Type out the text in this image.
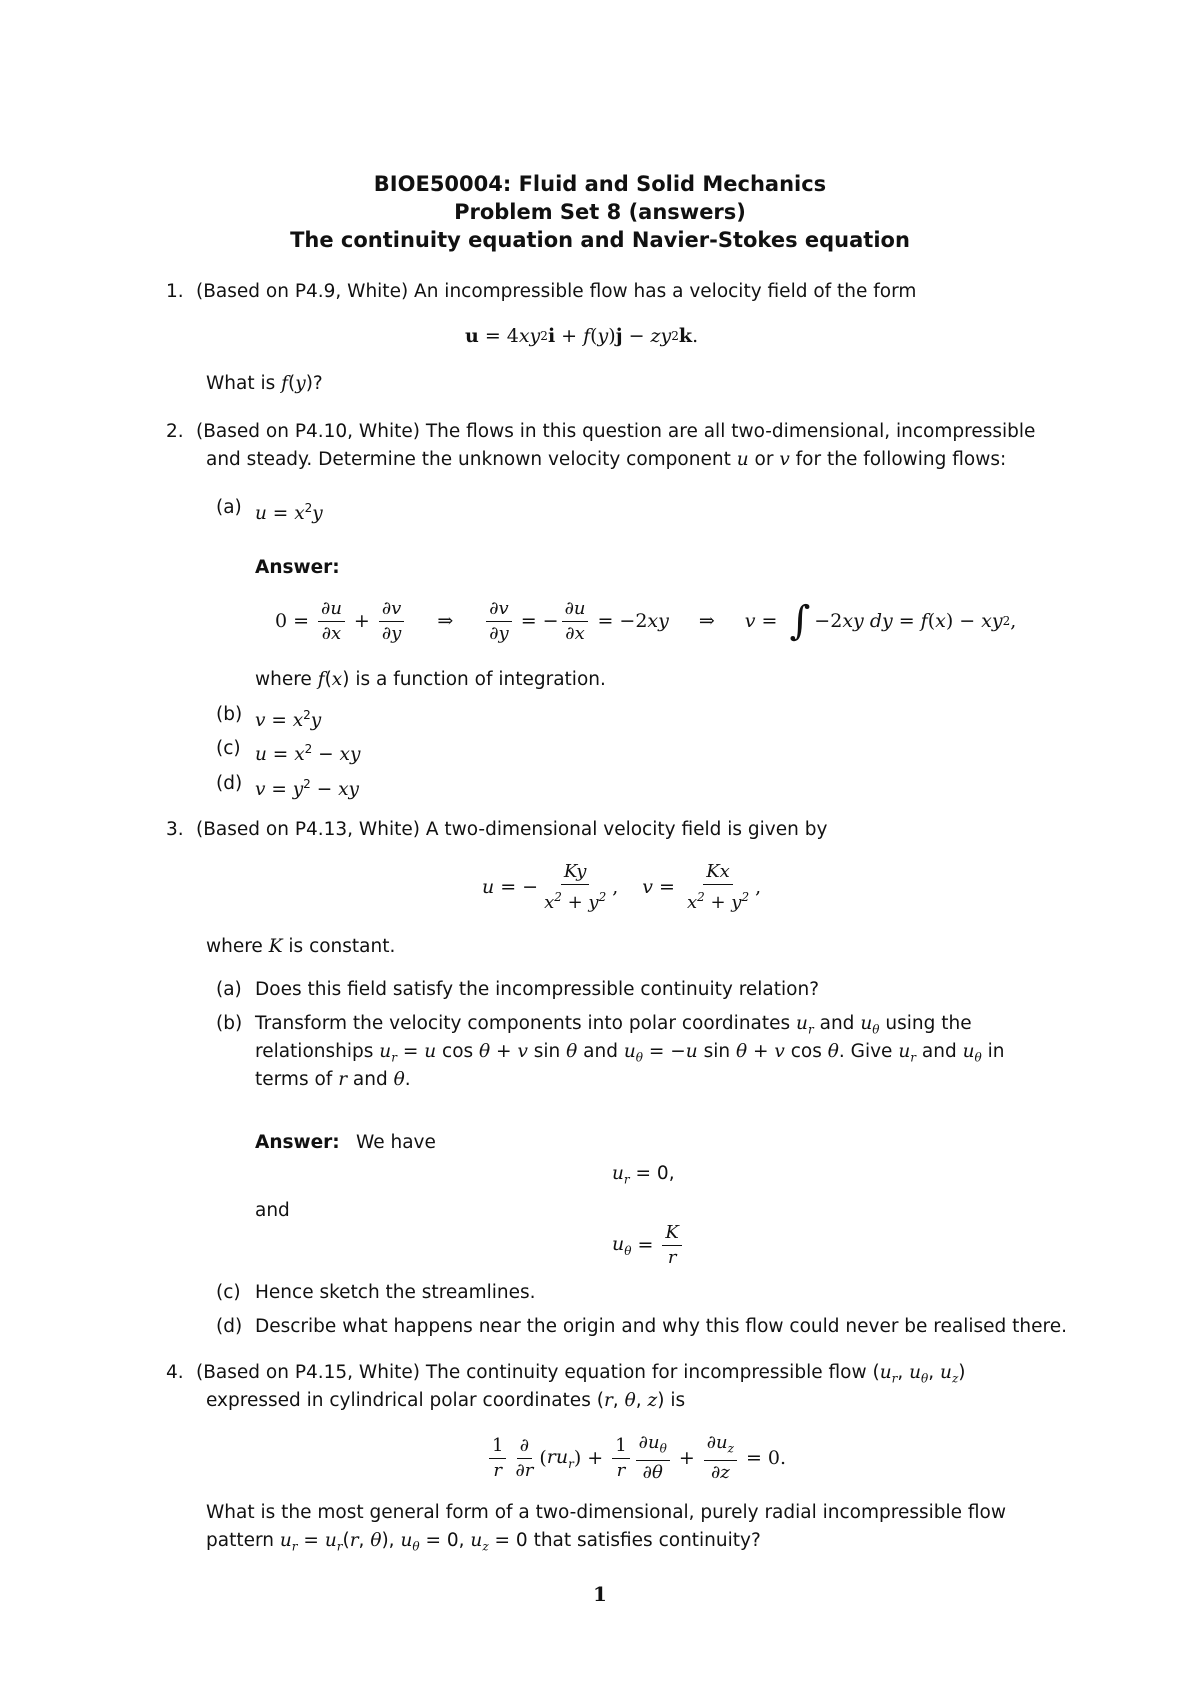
BIOE50004: Fluid and Solid Mechanics
Problem Set 8 (answers)
The continuity equation and Navier-Stokes equation
1. (Based on P4.9, White) An incompressible flow has a velocity field of the form
u = 4 xy 2 i + f ( y ) j − zy 2 k .
What is f(y)?
2. (Based on P4.10, White) The flows in this question are all two-dimensional, incompressible
and steady. Determine the unknown velocity component u or v for the following flows:
(a) $u = x^2y$
Answer:
$0 = \frac{\partial u}{\partial x} + \frac{\partial v}{\partial y}$ ⇒ $\frac{\partial v}{\partial y}$ = − $\frac{\partial u}{\partial x} = -2$ xy ⇒ v = ∫ −2 xy
dy = f ( x ) − xy 2 ,
where f(x) is a function of integration.
(b) $v = x^2y$
(c) $u = x^2$ − xy
(d) $v = y^2$ − xy
3. (Based on P4.13, White) A two-dimensional velocity field is given by
u = − $\frac{Ky}{x^2 + y^2}$ , $v = \frac{Kx}{x^2 + y^2}$ ,
where K is constant.
(a) Does this field satisfy the incompressible continuity relation?
(b) Transform the velocity components into polar coordinates $u_r$ and $u_\theta$ using the
relationships $u_r = u$ cos θ + v sin θ and $u_\theta = -u$ sin θ + v cos θ. Give $u_r$ and $u_\theta$ in
terms of r and θ.
Answer: We have
$u_r = 0$,
and
$u_\theta = \frac{K}{r}$
(c) Hence sketch the streamlines.
(d) Describe what happens near the origin and why this flow could never be realised there.
4. (Based on P4.15, White) The continuity equation for incompressible flow ($u_r$, $u_\theta$, $u_z$)
expressed in cylindrical polar coordinates (r, θ, z) is
$\frac{1}{r} \frac{\partial}{\partial r}$ ( $ru_r$ ) + $\frac{1}{r} \frac{\partial u_\theta}{\partial\theta} + \frac{\partial u_z}{\partial z} = 0$.
What is the most general form of a two-dimensional, purely radial incompressible flow
pattern $u_r = u_r(r$, θ), $u_\theta = 0$, $u_z = 0$ that satisfies continuity?
1
